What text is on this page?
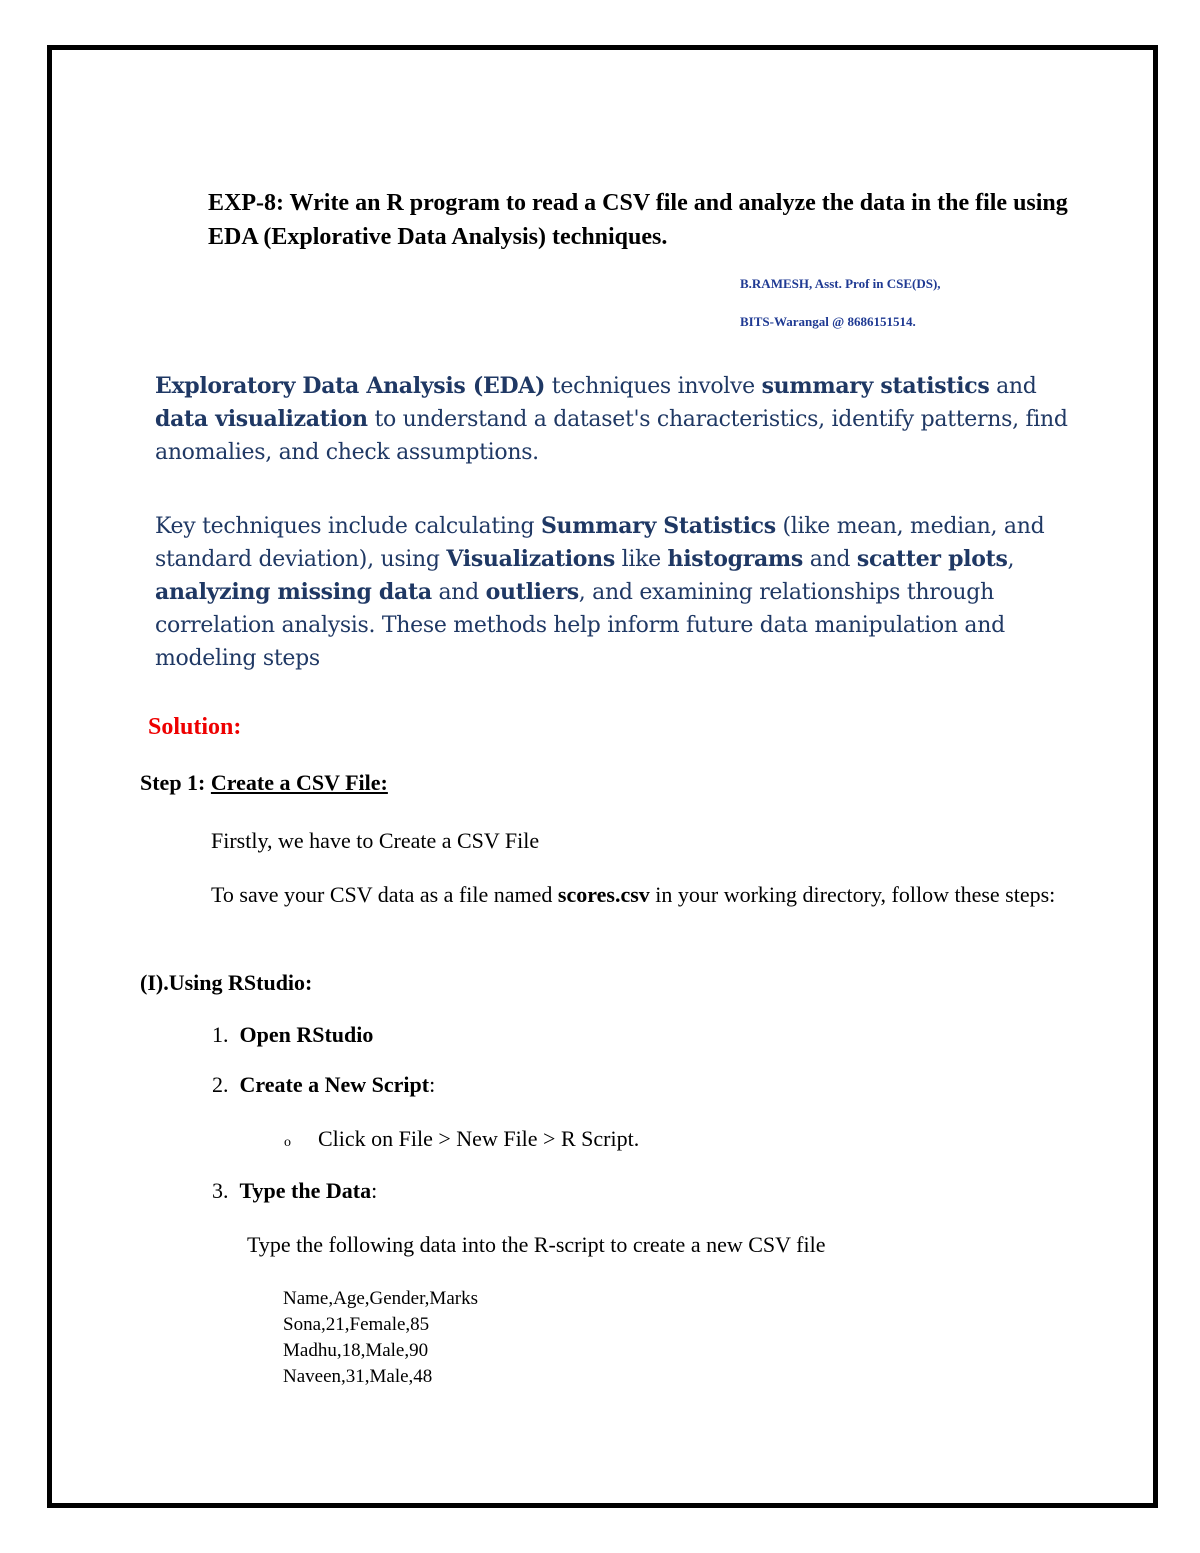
EXP-8: Write an R program to read a CSV file and analyze the data in the file using EDA (Explorative Data Analysis) techniques.
B.RAMESH, Asst. Prof in CSE(DS),
BITS-Warangal @ 8686151514.
Exploratory Data Analysis (EDA) techniques involve summary statistics and data visualization to understand a dataset's characteristics, identify patterns, find anomalies, and check assumptions.
Key techniques include calculating Summary Statistics (like mean, median, and standard deviation), using Visualizations like histograms and scatter plots, analyzing missing data and outliers, and examining relationships through correlation analysis. These methods help inform future data manipulation and modeling steps
Solution:
Step 1: Create a CSV File:
Firstly, we have to Create a CSV File
To save your CSV data as a file named scores.csv in your working directory, follow these steps:
(I).Using RStudio:
1. Open RStudio
2. Create a New Script:
o Click on File > New File > R Script.
3. Type the Data:
Type the following data into the R-script to create a new CSV file
Name,Age,Gender,Marks
Sona,21,Female,85
Madhu,18,Male,90
Naveen,31,Male,48
